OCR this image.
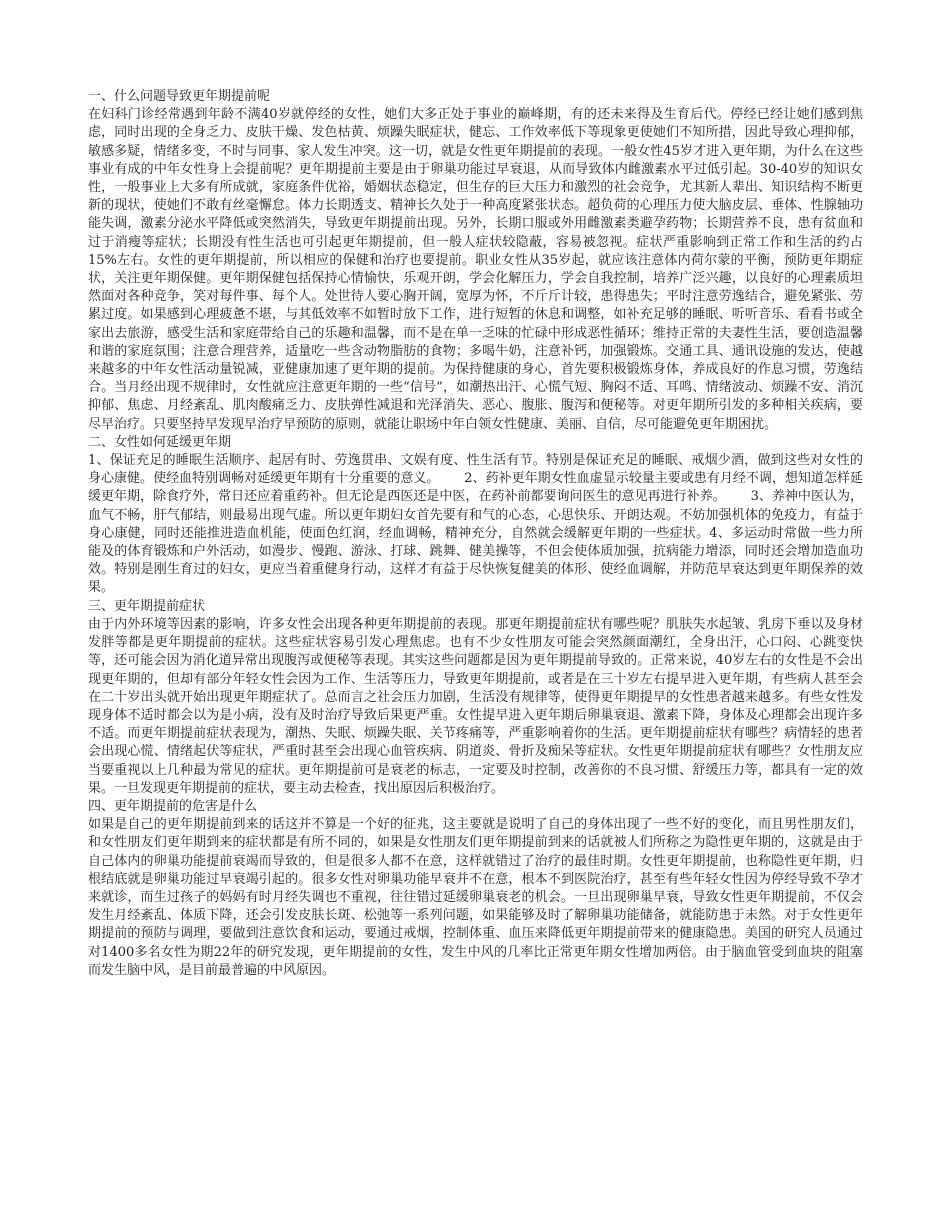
一、什么问题导致更年期提前呢

在妇科门诊经常遇到年龄不满40岁就停经的女性，她们大多正处于事业的巅峰期，有的还未来得及生育后代。停经已经让她们感到焦虑，同时出现的全身乏力、皮肤干燥、发色枯黄、烦躁失眠症状，健忘、工作效率低下等现象更使她们不知所措，因此导致心理抑郁，敏感多疑，情绪多变，不时与同事、家人发生冲突。这一切，就是女性更年期提前的表现。一般女性45岁才进入更年期，为什么在这些事业有成的中年女性身上会提前呢？更年期提前主要是由于卵巢功能过早衰退，从而导致体内雌激素水平过低引起。30-40岁的知识女性，一般事业上大多有所成就，家庭条件优裕，婚姻状态稳定，但生存的巨大压力和激烈的社会竞争，尤其新人辈出、知识结构不断更新的现状，使她们不敢有丝毫懈怠。体力长期透支、精神长久处于一种高度紧张状态。超负荷的心理压力使大脑皮层、垂体、性腺轴功能失调，激素分泌水平降低或突然消失，导致更年期提前出现。另外，长期口服或外用雌激素类避孕药物；长期营养不良，患有贫血和过于消瘦等症状；长期没有性生活也可引起更年期提前，但一般人症状较隐蔽，容易被忽视。症状严重影响到正常工作和生活的约占15%左右。女性的更年期提前，所以相应的保健和治疗也要提前。职业女性从35岁起，就应该注意体内荷尔蒙的平衡，预防更年期症状，关注更年期保健。更年期保健包括保持心情愉快，乐观开朗，学会化解压力，学会自我控制，培养广泛兴趣，以良好的心理素质坦然面对各种竞争，笑对每件事、每个人。处世待人要心胸开阔，宽厚为怀，不斤斤计较，患得患失；平时注意劳逸结合，避免紧张、劳累过度。如果感到心理疲惫不堪，与其低效率不如暂时放下工作，进行短暂的休息和调整，如补充足够的睡眠、听听音乐、看看书或全家出去旅游，感受生活和家庭带给自己的乐趣和温馨，而不是在单一乏味的忙碌中形成恶性循环；维持正常的夫妻性生活，要创造温馨和谐的家庭氛围；注意合理营养，适量吃一些含动物脂肪的食物；多喝牛奶，注意补钙，加强锻炼。交通工具、通讯设施的发达，使越来越多的中年女性活动量锐减，亚健康加速了更年期的提前。为保持健康的身心，首先要积极锻炼身体，养成良好的作息习惯，劳逸结合。当月经出现不规律时，女性就应注意更年期的一些“信号”，如潮热出汗、心慌气短、胸闷不适、耳鸣、情绪波动、烦躁不安、消沉抑郁、焦虑、月经紊乱、肌肉酸痛乏力、皮肤弹性减退和光泽消失、恶心、腹胀、腹泻和便秘等。对更年期所引发的多种相关疾病，要尽早治疗。只要坚持早发现早治疗早预防的原则，就能让职场中年白领女性健康、美丽、自信，尽可能避免更年期困扰。

二、女性如何延缓更年期

1、保证充足的睡眠生活顺序、起居有时、劳逸贯串、文娱有度、性生活有节。特别是保证充足的睡眠、戒烟少酒，做到这些对女性的身心康健。使经血特别调畅对延缓更年期有十分重要的意义。      2、药补更年期女性血虚显示较量主要或患有月经不调，想知道怎样延缓更年期，除食疗外，常日还应着重药补。但无论是西医还是中医，在药补前都要询问医生的意见再进行补养。      3、养神中医认为，血气不畅，肝气郁结，则最易出现气虚。所以更年期妇女首先要有和气的心态，心思快乐、开朗达观。不妨加强机体的免疫力，有益于身心康健，同时还能推进造血机能，使面色红润，经血调畅，精神充分，自然就会缓解更年期的一些症状。4、多运动时常做一些力所能及的体育锻炼和户外活动，如漫步、慢跑、游泳、打球、跳舞、健美操等，不但会使体质加强，抗病能力增添，同时还会增加造血功效。特别是刚生育过的妇女，更应当着重健身行动，这样才有益于尽快恢复健美的体形、使经血调解，并防范早衰达到更年期保养的效果。

三、更年期提前症状

由于内外环境等因素的影响，许多女性会出现各种更年期提前的表现。那更年期提前症状有哪些呢？肌肤失水起皱、乳房下垂以及身材发胖等都是更年期提前的症状。这些症状容易引发心理焦虑。也有不少女性朋友可能会突然颜面潮红，全身出汗，心口闷、心跳变快等，还可能会因为消化道异常出现腹泻或便秘等表现。其实这些问题都是因为更年期提前导致的。正常来说，40岁左右的女性是不会出现更年期的，但却有部分年轻女性会因为工作、生活等压力，导致更年期提前，或者是在三十岁左右提早进入更年期，有些病人甚至会在二十岁出头就开始出现更年期症状了。总而言之社会压力加剧，生活没有规律等，使得更年期提早的女性患者越来越多。有些女性发现身体不适时都会以为是小病，没有及时治疗导致后果更严重。女性提早进入更年期后卵巢衰退、激素下降，身体及心理都会出现许多不适。而更年期提前症状表现为，潮热、失眠、烦躁失眠、关节疼痛等，严重影响着你的生活。更年期提前症状有哪些？病情轻的患者会出现心慌、情绪起伏等症状，严重时甚至会出现心血管疾病、阴道炎、骨折及痴呆等症状。女性更年期提前症状有哪些？女性朋友应当要重视以上几种最为常见的症状。更年期提前可是衰老的标志，一定要及时控制，改善你的不良习惯、舒缓压力等，都具有一定的效果。一旦发现更年期提前的症状，要主动去检查，找出原因后积极治疗。

四、更年期提前的危害是什么

如果是自己的更年期提前到来的话这并不算是一个好的征兆，这主要就是说明了自己的身体出现了一些不好的变化，而且男性朋友们，和女性朋友们更年期到来的症状都是有所不同的，如果是女性朋友们更年期提前到来的话就被人们所称之为隐性更年期的，这就是由于自己体内的卵巢功能提前衰竭而导致的，但是很多人都不在意，这样就错过了治疗的最佳时期。女性更年期提前，也称隐性更年期，归根结底就是卵巢功能过早衰竭引起的。很多女性对卵巢功能早衰并不在意，根本不到医院治疗，甚至有些年轻女性因为停经导致不孕才来就诊，而生过孩子的妈妈有时月经失调也不重视，往往错过延缓卵巢衰老的机会。一旦出现卵巢早衰，导致女性更年期提前，不仅会发生月经紊乱、体质下降，还会引发皮肤长斑、松弛等一系列问题，如果能够及时了解卵巢功能储备，就能防患于未然。对于女性更年期提前的预防与调理，要做到注意饮食和运动，要通过戒烟，控制体重、血压来降低更年期提前带来的健康隐患。美国的研究人员通过对1400多名女性为期22年的研究发现，更年期提前的女性，发生中风的几率比正常更年期女性增加两倍。由于脑血管受到血块的阻塞而发生脑中风，是目前最普遍的中风原因。
